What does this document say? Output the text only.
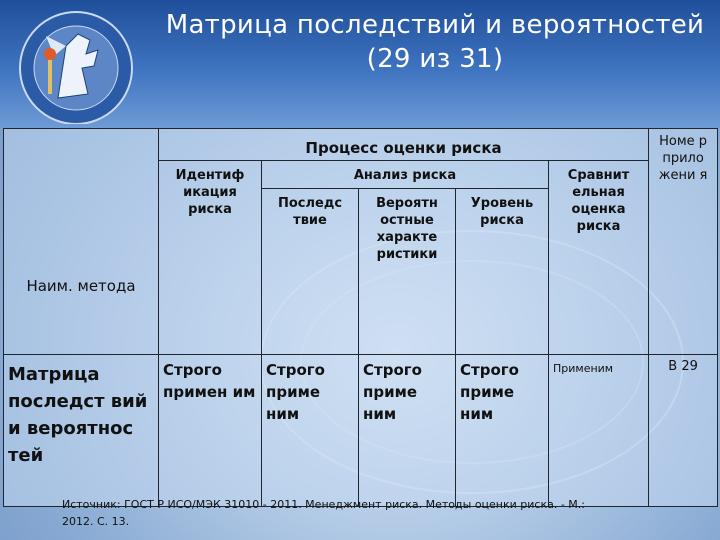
Матрица последствий и вероятностей
(29 из 31)
Наим. метода	Процесс оценки риска					Номе р прило жени я
	Идентиф икация риска	Анализ риска			Сравнит ельная оценка риска	
		Последс твие	Вероятн остные характе ристики	Уровень риска		
Матрица последст вий и вероятнос тей	Строго примен им	Строго приме ним	Строго приме ним	Строго приме ним	Применим	В 29
Источник: ГОСТ Р ИСО/МЭК 31010 - 2011. Менеджмент риска. Методы оценки риска. - М.:
2012. С. 13.
